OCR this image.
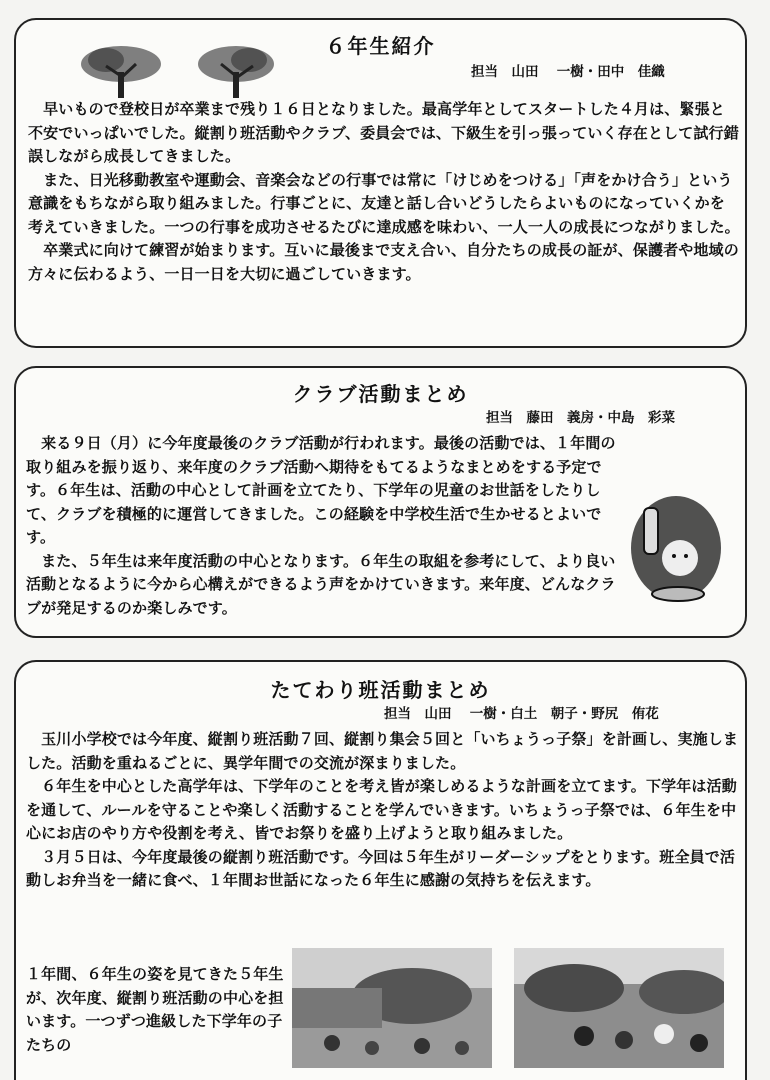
６年生紹介
担当　山田　 一樹・田中　佳織

　早いもので登校日が卒業まで残り１６日となりました。最高学年としてスタートした４月は、緊張と不安でいっぱいでした。縦割り班活動やクラブ、委員会では、下級生を引っ張っていく存在として試行錯誤しながら成長してきました。

　また、日光移動教室や運動会、音楽会などの行事では常に「けじめをつける」「声をかけ合う」という意識をもちながら取り組みました。行事ごとに、友達と話し合いどうしたらよいものになっていくかを考えていきました。一つの行事を成功させるたびに達成感を味わい、一人一人の成長につながりました。

　卒業式に向けて練習が始まります。互いに最後まで支え合い、自分たちの成長の証が、保護者や地域の方々に伝わるよう、一日一日を大切に過ごしていきます。

クラブ活動まとめ
担当　藤田　義房・中島　彩菜

　来る９日（月）に今年度最後のクラブ活動が行われます。最後の活動では、１年間の取り組みを振り返り、来年度のクラブ活動へ期待をもてるようなまとめをする予定です。６年生は、活動の中心として計画を立てたり、下学年の児童のお世話をしたりして、クラブを積極的に運営してきました。この経験を中学校生活で生かせるとよいです。

　また、５年生は来年度活動の中心となります。６年生の取組を参考にして、より良い活動となるように今から心構えができるよう声をかけていきます。来年度、どんなクラブが発足するのか楽しみです。

たてわり班活動まとめ
担当　山田　 一樹・白土　朝子・野尻　侑花

　玉川小学校では今年度、縦割り班活動７回、縦割り集会５回と「いちょうっ子祭」を計画し、実施しました。活動を重ねるごとに、異学年間での交流が深まりました。

　６年生を中心とした高学年は、下学年のことを考え皆が楽しめるような計画を立てます。下学年は活動を通して、ルールを守ることや楽しく活動することを学んでいきます。いちょうっ子祭では、６年生を中心にお店のやり方や役割を考え、皆でお祭りを盛り上げようと取り組みました。

　３月５日は、今年度最後の縦割り班活動です。今回は５年生がリーダーシップをとります。班全員で活動しお弁当を一緒に食べ、１年間お世話になった６年生に感謝の気持ちを伝えます。

１年間、６年生の姿を見てきた５年生が、次年度、縦割り班活動の中心を担います。一つずつ進級した下学年の子たちの
